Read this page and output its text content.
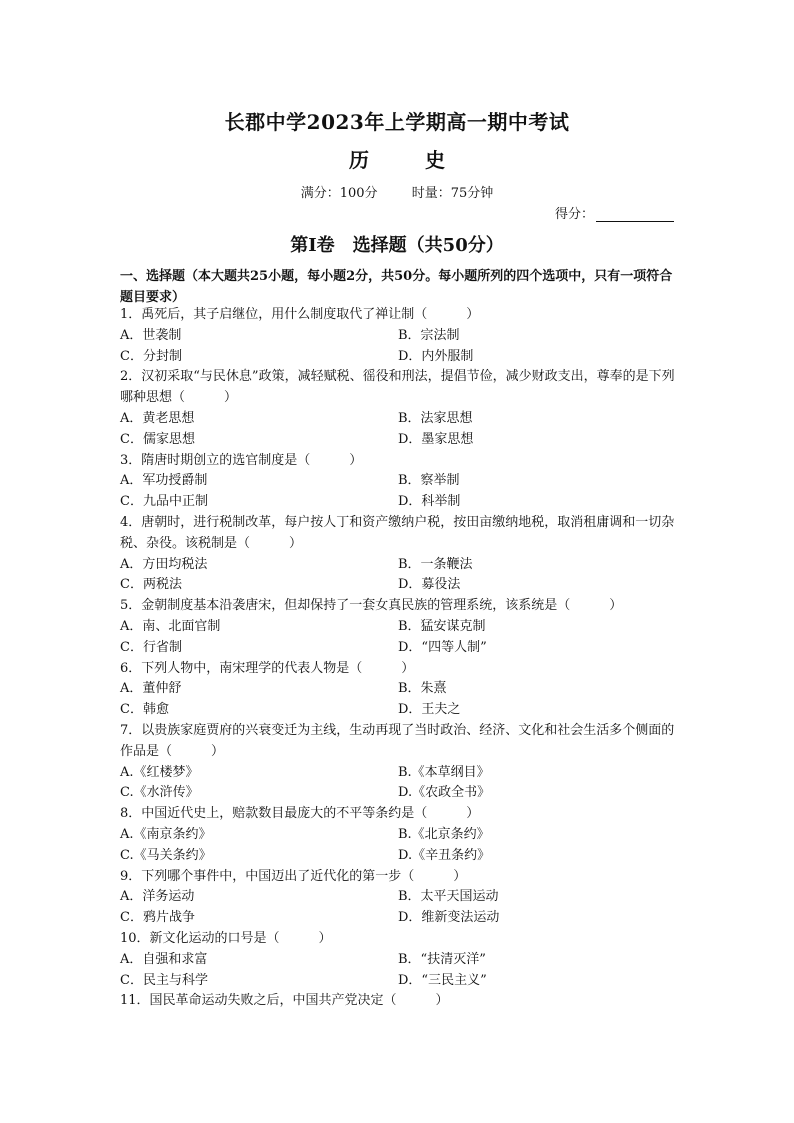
长郡中学2023年上学期高一期中考试
历　史
满分：100分	时量：75分钟
得分：
第Ⅰ卷　选择题（共50分）
一、选择题（本大题共25小题，每小题2分，共50分。每小题所列的四个选项中，只有一项符合题目要求）
1．禹死后，其子启继位，用什么制度取代了禅让制（　　　）
A．世袭制	B．宗法制
C．分封制	D．内外服制
2．汉初采取“与民休息”政策，减轻赋税、徭役和刑法，提倡节俭，减少财政支出，尊奉的是下列哪种思想（　　　）
A．黄老思想	B．法家思想
C．儒家思想	D．墨家思想
3．隋唐时期创立的选官制度是（　　　）
A．军功授爵制	B．察举制
C．九品中正制	D．科举制
4．唐朝时，进行税制改革，每户按人丁和资产缴纳户税，按田亩缴纳地税，取消租庸调和一切杂税、杂役。该税制是（　　　）
A．方田均税法	B．一条鞭法
C．两税法	D．募役法
5．金朝制度基本沿袭唐宋，但却保持了一套女真民族的管理系统，该系统是（　　　）
A．南、北面官制	B．猛安谋克制
C．行省制	D．“四等人制”
6．下列人物中，南宋理学的代表人物是（　　　）
A．董仲舒	B．朱熹
C．韩愈	D．王夫之
7．以贵族家庭贾府的兴衰变迁为主线，生动再现了当时政治、经济、文化和社会生活多个侧面的作品是（　　　）
A.《红楼梦》	B.《本草纲目》
C.《水浒传》	D.《农政全书》
8．中国近代史上，赔款数目最庞大的不平等条约是（　　　）
A.《南京条约》	B.《北京条约》
C.《马关条约》	D.《辛丑条约》
9．下列哪个事件中，中国迈出了近代化的第一步（　　　）
A．洋务运动	B．太平天国运动
C．鸦片战争	D．维新变法运动
10．新文化运动的口号是（　　　）
A．自强和求富	B．“扶清灭洋”
C．民主与科学	D．“三民主义”
11．国民革命运动失败之后，中国共产党决定（　　　）
